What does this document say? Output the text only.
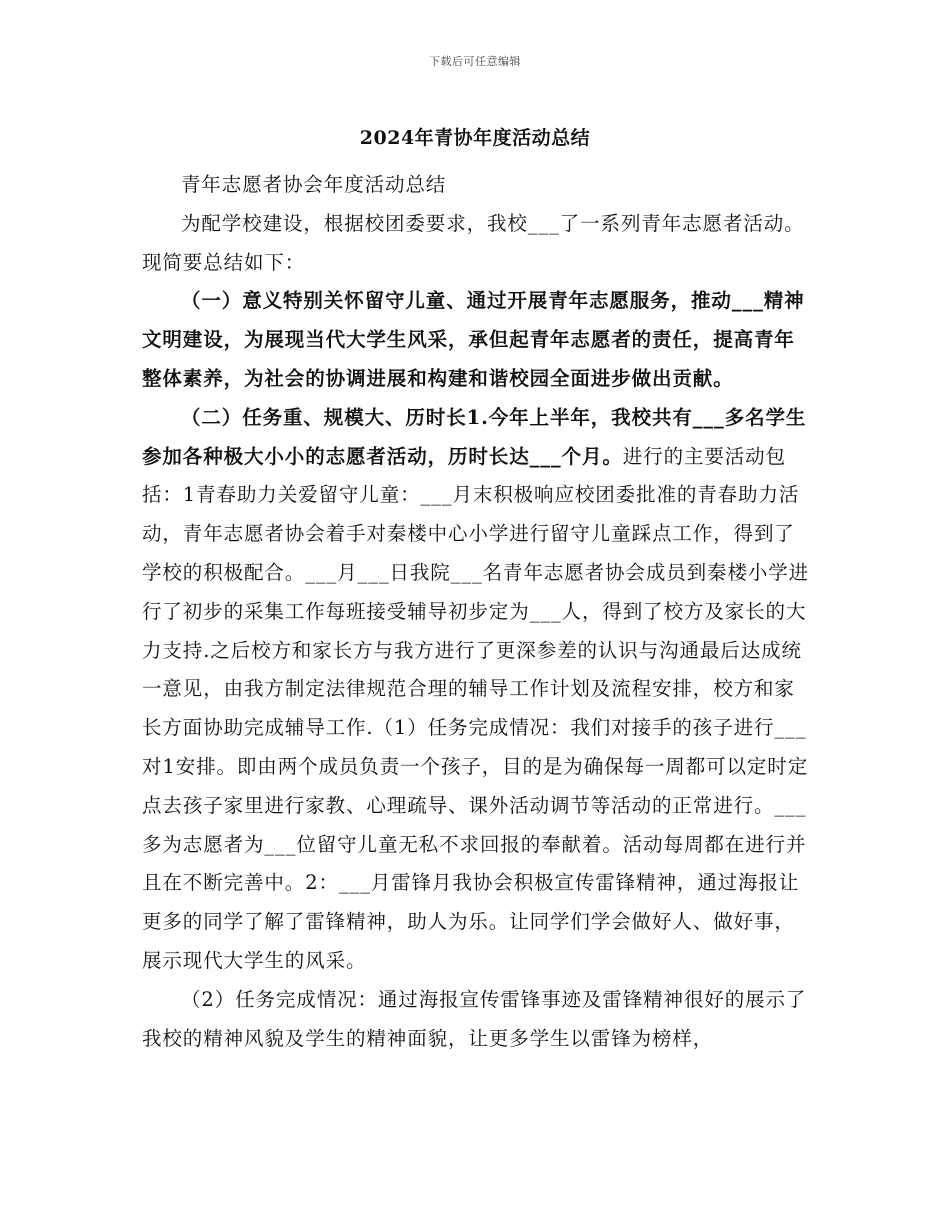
下载后可任意编辑
2024年青协年度活动总结

青年志愿者协会年度活动总结

为配学校建设，根据校团委要求，我校___了一系列青年志愿者活动。现简要总结如下：

（一）意义特别关怀留守儿童、通过开展青年志愿服务，推动___精神文明建设，为展现当代大学生风采，承但起青年志愿者的责任，提高青年整体素养，为社会的协调进展和构建和谐校园全面进步做出贡献。

（二）任务重、规模大、历时长1.今年上半年，我校共有___多名学生参加各种极大小小的志愿者活动，历时长达___个月。进行的主要活动包括：1青春助力关爱留守儿童：___月末积极响应校团委批准的青春助力活动，青年志愿者协会着手对秦楼中心小学进行留守儿童踩点工作，得到了学校的积极配合。___月___日我院___名青年志愿者协会成员到秦楼小学进行了初步的采集工作每班接受辅导初步定为___人，得到了校方及家长的大力支持.之后校方和家长方与我方进行了更深参差的认识与沟通最后达成统一意见，由我方制定法律规范合理的辅导工作计划及流程安排，校方和家长方面协助完成辅导工作.（1）任务完成情况：我们对接手的孩子进行___对1安排。即由两个成员负责一个孩子，目的是为确保每一周都可以定时定点去孩子家里进行家教、心理疏导、课外活动调节等活动的正常进行。___多为志愿者为___位留守儿童无私不求回报的奉献着。活动每周都在进行并且在不断完善中。2：___月雷锋月我协会积极宣传雷锋精神，通过海报让更多的同学了解了雷锋精神，助人为乐。让同学们学会做好人、做好事，展示现代大学生的风采。

（2）任务完成情况：通过海报宣传雷锋事迹及雷锋精神很好的展示了我校的精神风貌及学生的精神面貌，让更多学生以雷锋为榜样，
